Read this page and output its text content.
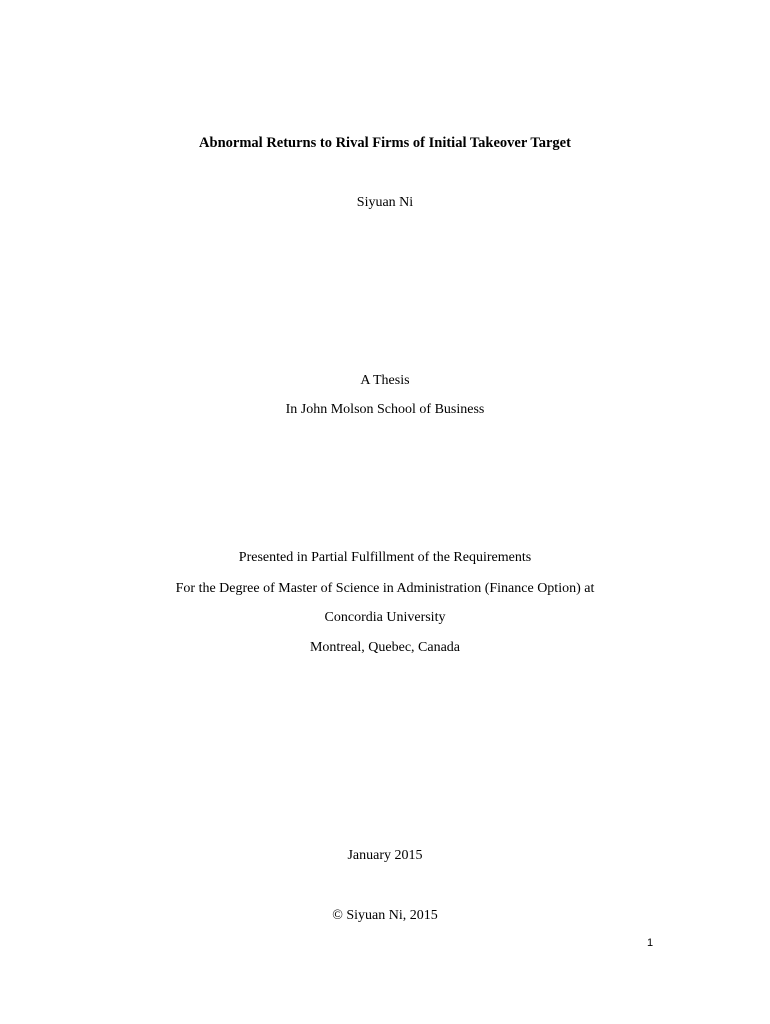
Abnormal Returns to Rival Firms of Initial Takeover Target
Siyuan Ni
A Thesis
In John Molson School of Business
Presented in Partial Fulfillment of the Requirements
For the Degree of Master of Science in Administration (Finance Option) at
Concordia University
Montreal, Quebec, Canada
January 2015
© Siyuan Ni, 2015
1
